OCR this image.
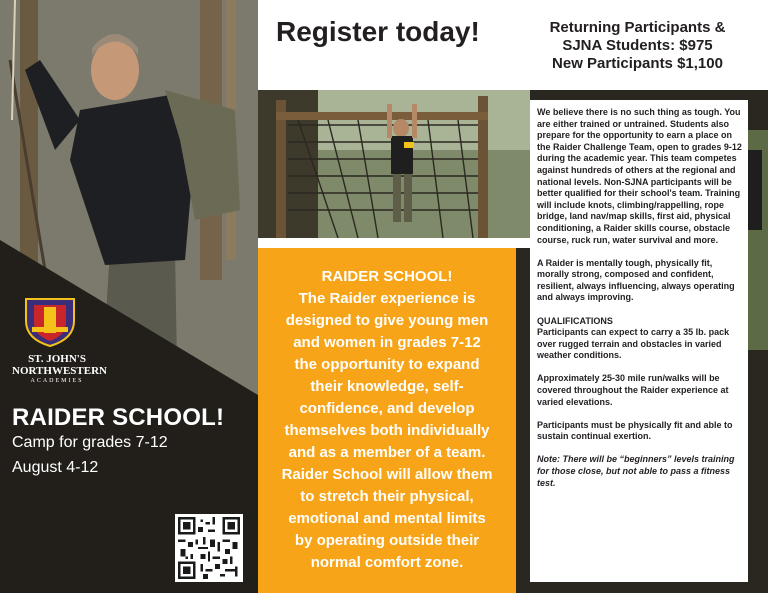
ST. JOHN'S
NORTHWESTERN
ACADEMIES
RAIDER SCHOOL!
Camp for grades 7-12
August 4-12
Register today!
RAIDER SCHOOL!
The Raider experience is
designed to give young men
and women in grades 7-12
the opportunity to expand
their knowledge, self-
confidence, and develop
themselves both individually
and as a member of a team.
Raider School will allow them
to stretch their physical,
emotional and mental limits
by operating outside their
normal comfort zone.
Returning Participants &
SJNA Students: $975
New Participants $1,100

We believe there is no such thing as tough. You are either trained or untrained. Students also prepare for the opportunity to earn a place on the Raider Challenge Team, open to grades 9-12 during the academic year. This team competes against hundreds of others at the regional and national levels. Non-SJNA participants will be better qualified for their school's team. Training will include knots, climbing/rappelling, rope bridge, land nav/map skills, first aid, physical conditioning, a Raider skills course, obstacle course, ruck run, water survival and more.

A Raider is mentally tough, physically fit, morally strong, composed and confident, resilient, always influencing, always operating and always improving.

QUALIFICATIONS
Participants can expect to carry a 35 lb. pack over rugged terrain and obstacles in varied weather conditions.

Approximately 25-30 mile run/walks will be covered throughout the Raider experience at varied elevations.

Participants must be physically fit and able to sustain continual exertion.

Note: There will be “beginners” levels training for those close, but not able to pass a fitness test.
